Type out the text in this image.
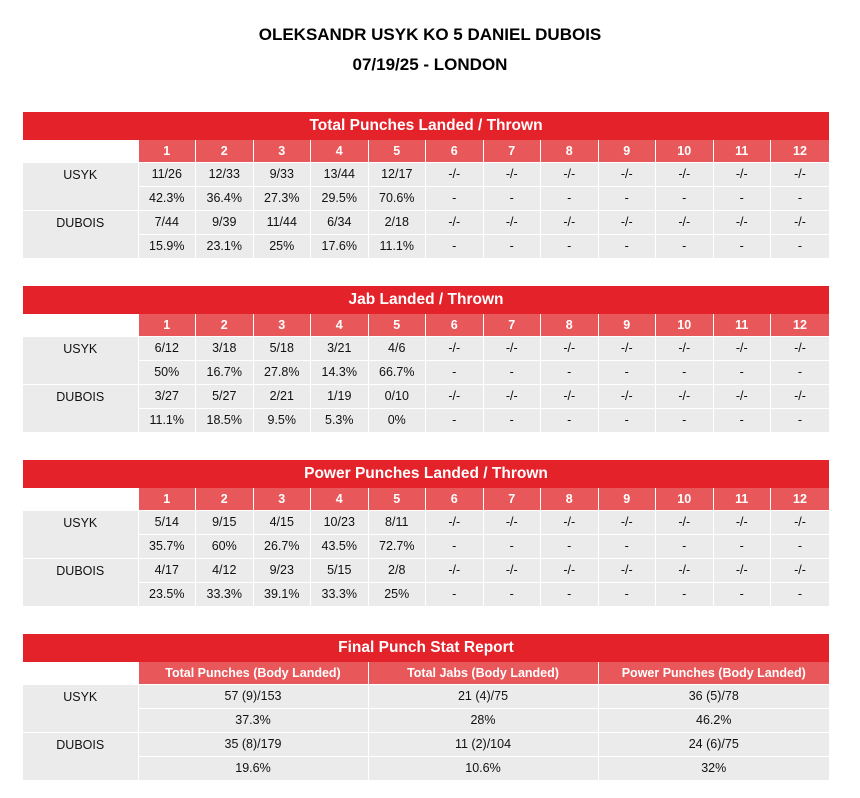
OLEKSANDR USYK KO 5 DANIEL DUBOIS
07/19/25 - LONDON
Total Punches Landed / Thrown
	1	2	3	4	5	6	7	8	9	10	11	12
USYK	11/26	12/33	9/33	13/44	12/17	-/-	-/-	-/-	-/-	-/-	-/-	-/-
	42.3%	36.4%	27.3%	29.5%	70.6%	-	-	-	-	-	-	-
DUBOIS	7/44	9/39	11/44	6/34	2/18	-/-	-/-	-/-	-/-	-/-	-/-	-/-
	15.9%	23.1%	25%	17.6%	11.1%	-	-	-	-	-	-	-
Jab Landed / Thrown
	1	2	3	4	5	6	7	8	9	10	11	12
USYK	6/12	3/18	5/18	3/21	4/6	-/-	-/-	-/-	-/-	-/-	-/-	-/-
	50%	16.7%	27.8%	14.3%	66.7%	-	-	-	-	-	-	-
DUBOIS	3/27	5/27	2/21	1/19	0/10	-/-	-/-	-/-	-/-	-/-	-/-	-/-
	11.1%	18.5%	9.5%	5.3%	0%	-	-	-	-	-	-	-
Power Punches Landed / Thrown
	1	2	3	4	5	6	7	8	9	10	11	12
USYK	5/14	9/15	4/15	10/23	8/11	-/-	-/-	-/-	-/-	-/-	-/-	-/-
	35.7%	60%	26.7%	43.5%	72.7%	-	-	-	-	-	-	-
DUBOIS	4/17	4/12	9/23	5/15	2/8	-/-	-/-	-/-	-/-	-/-	-/-	-/-
	23.5%	33.3%	39.1%	33.3%	25%	-	-	-	-	-	-	-
Final Punch Stat Report
	Total Punches (Body Landed)	Total Jabs (Body Landed)	Power Punches (Body Landed)
USYK	57 (9)/153	21 (4)/75	36 (5)/78
	37.3%	28%	46.2%
DUBOIS	35 (8)/179	11 (2)/104	24 (6)/75
	19.6%	10.6%	32%
